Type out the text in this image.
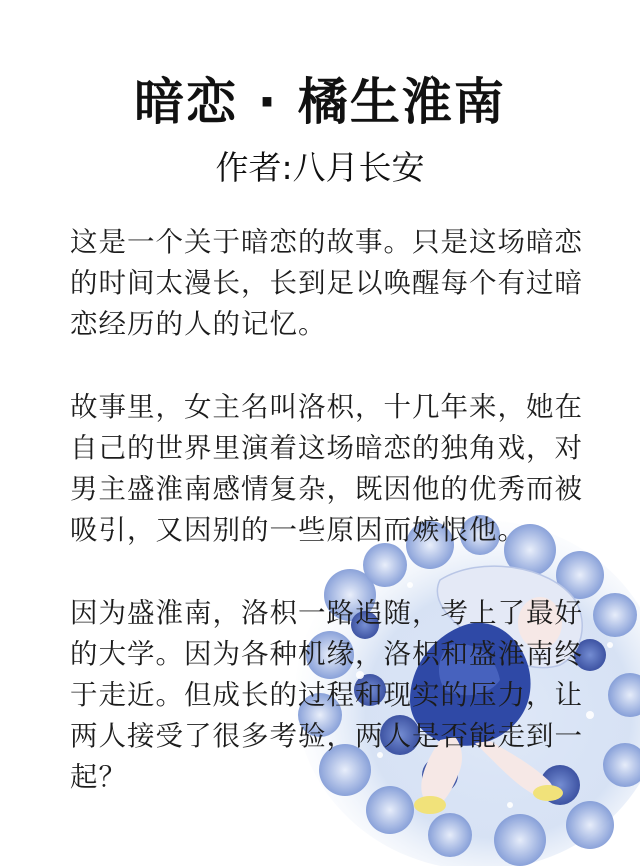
暗恋 · 橘生淮南
作者:八月长安

这是一个关于暗恋的故事。只是这场暗恋的时间太漫长，长到足以唤醒每个有过暗恋经历的人的记忆。

故事里，女主名叫洛枳，十几年来，她在自己的世界里演着这场暗恋的独角戏，对男主盛淮南感情复杂，既因他的优秀而被吸引，又因别的一些原因而嫉恨他。

因为盛淮南，洛枳一路追随，考上了最好的大学。因为各种机缘，洛枳和盛淮南终于走近。但成长的过程和现实的压力，让两人接受了很多考验，两人是否能走到一起？
